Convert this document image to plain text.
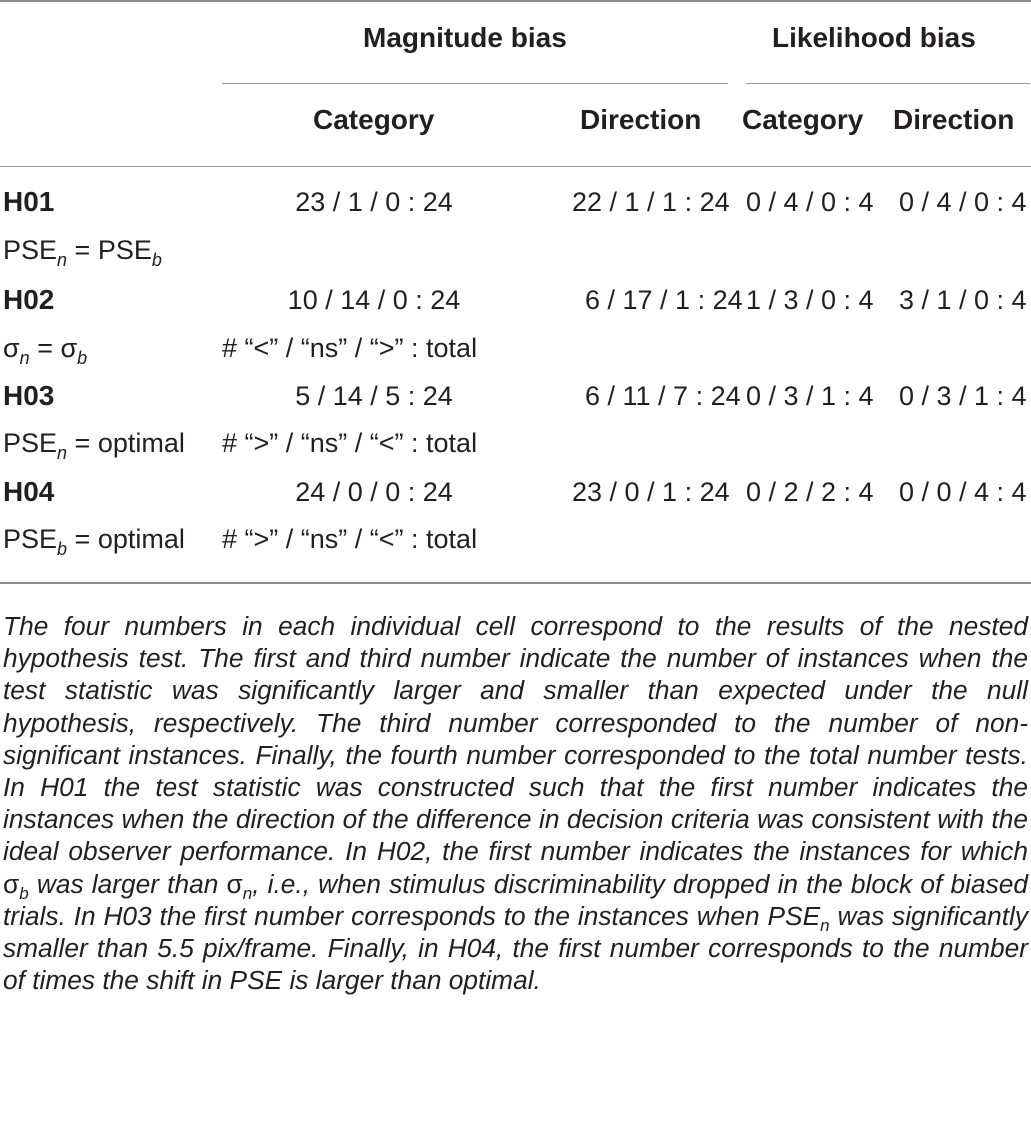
Magnitude bias	Likelihood bias
Category	Direction Category Direction
H01	23 / 1 / 0 : 24	22 / 1 / 1 : 24 0 / 4 / 0 : 4 0 / 4 / 0 : 4
$PSE_n = PSE_b$
H02	10 / 14 / 0 : 24	6 / 17 / 1 : 24 1 / 3 / 0 : 4 3 / 1 / 0 : 4
$\sigma_n = \sigma_b$	# “<” / “ns” / “>” : total
H03	5 / 14 / 5 : 24	6 / 11 / 7 : 24 0 / 3 / 1 : 4 0 / 3 / 1 : 4
$PSE_n$ = optimal # “>” / “ns” / “<” : total
H04	24 / 0 / 0 : 24	23 / 0 / 1 : 24 0 / 2 / 2 : 4 0 / 0 / 4 : 4
$PSE_b$ = optimal # “>” / “ns” / “<” : total
The four numbers in each individual cell correspond to the results of the nested hypothesis test. The first and third number indicate the number of instances when the test statistic was significantly larger and smaller than expected under the null hypothesis, respectively. The third number corresponded to the number of non-significant instances. Finally, the fourth number corresponded to the total number tests. In H01 the test statistic was constructed such that the first number indicates the instances when the direction of the difference in decision criteria was consistent with the ideal observer performance. In H02, the first number indicates the instances for which $\sigma_b$ was larger than $\sigma_n$, i.e., when stimulus discriminability dropped in the block of biased trials. In H03 the first number corresponds to the instances when $PSE_n$ was significantly smaller than 5.5 pix/frame. Finally, in H04, the first number corresponds to the number of times the shift in PSE is larger than optimal.
